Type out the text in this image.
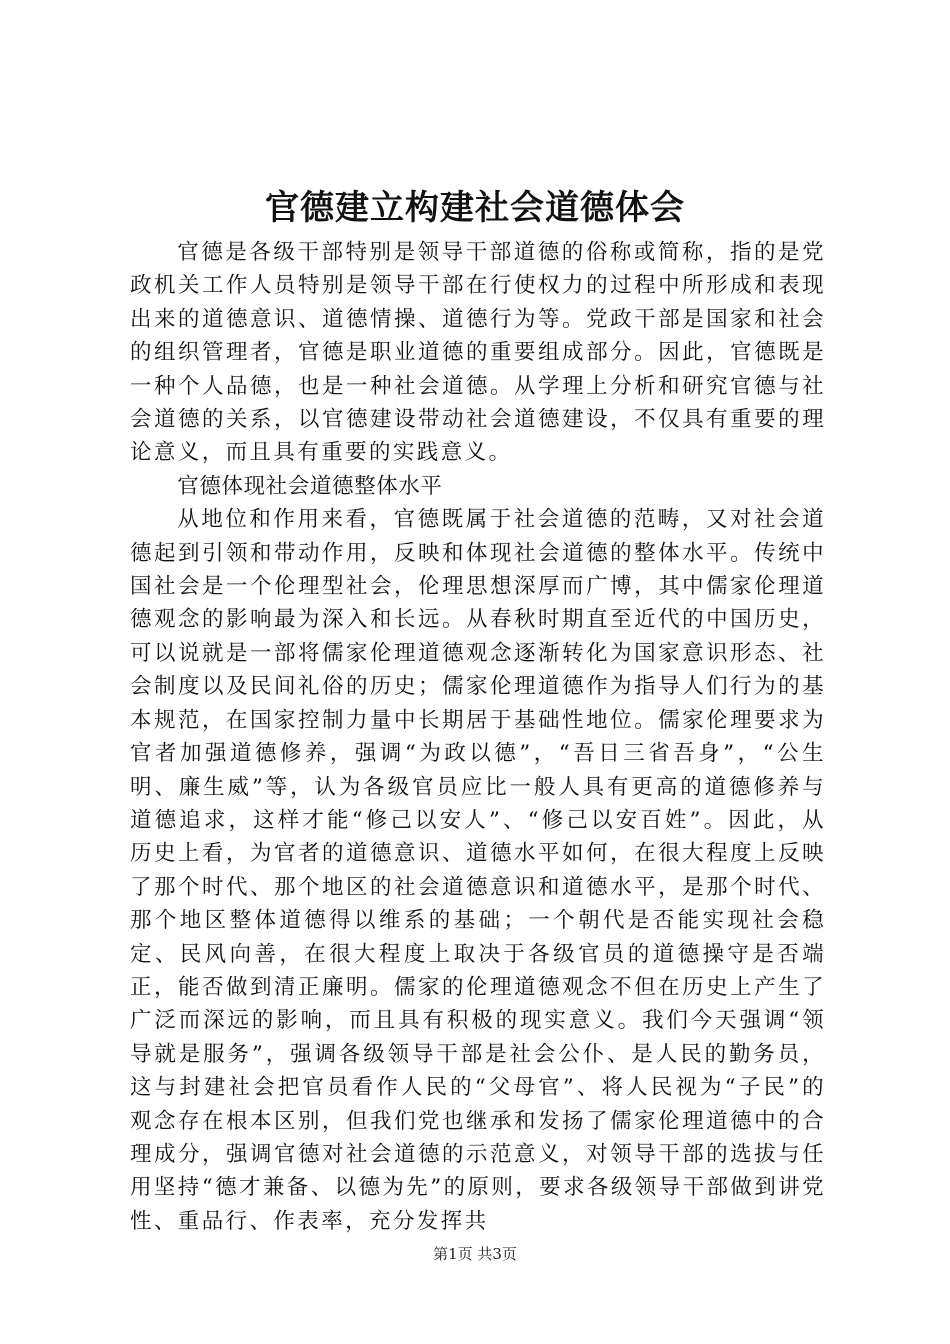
官德建立构建社会道德体会

官德是各级干部特别是领导干部道德的俗称或简称，指的是党政机关工作人员特别是领导干部在行使权力的过程中所形成和表现出来的道德意识、道德情操、道德行为等。党政干部是国家和社会的组织管理者，官德是职业道德的重要组成部分。因此，官德既是一种个人品德，也是一种社会道德。从学理上分析和研究官德与社会道德的关系，以官德建设带动社会道德建设，不仅具有重要的理论意义，而且具有重要的实践意义。

官德体现社会道德整体水平

从地位和作用来看，官德既属于社会道德的范畴，又对社会道德起到引领和带动作用，反映和体现社会道德的整体水平。传统中国社会是一个伦理型社会，伦理思想深厚而广博，其中儒家伦理道德观念的影响最为深入和长远。从春秋时期直至近代的中国历史，可以说就是一部将儒家伦理道德观念逐渐转化为国家意识形态、社会制度以及民间礼俗的历史；儒家伦理道德作为指导人们行为的基本规范，在国家控制力量中长期居于基础性地位。儒家伦理要求为官者加强道德修养，强调“为政以德”，“吾日三省吾身”，“公生明、廉生威”等，认为各级官员应比一般人具有更高的道德修养与道德追求，这样才能“修己以安人”、“修己以安百姓”。因此，从历史上看，为官者的道德意识、道德水平如何，在很大程度上反映了那个时代、那个地区的社会道德意识和道德水平，是那个时代、那个地区整体道德得以维系的基础；一个朝代是否能实现社会稳定、民风向善，在很大程度上取决于各级官员的道德操守是否端正，能否做到清正廉明。儒家的伦理道德观念不但在历史上产生了广泛而深远的影响，而且具有积极的现实意义。我们今天强调“领导就是服务”，强调各级领导干部是社会公仆、是人民的勤务员，这与封建社会把官员看作人民的“父母官”、将人民视为“子民”的观念存在根本区别，但我们党也继承和发扬了儒家伦理道德中的合理成分，强调官德对社会道德的示范意义，对领导干部的选拔与任用坚持“德才兼备、以德为先”的原则，要求各级领导干部做到讲党性、重品行、作表率，充分发挥共

第1页 共3页
